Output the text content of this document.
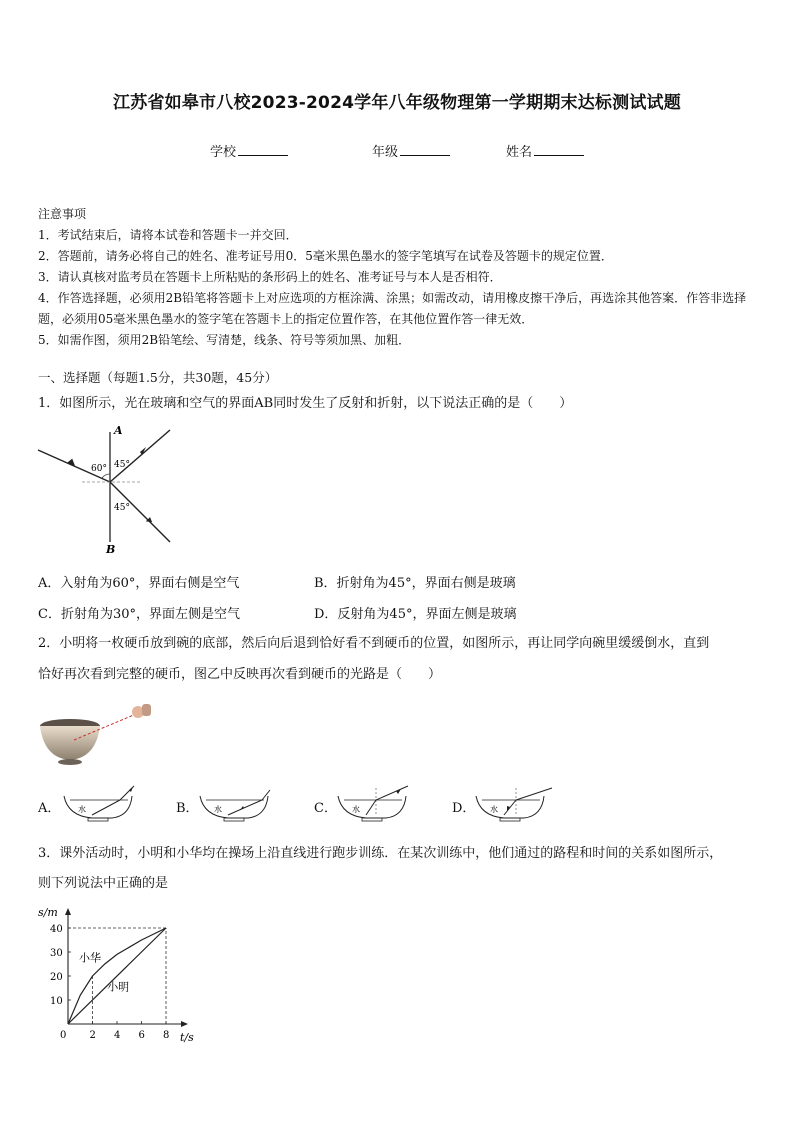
江苏省如皋市八校2023-2024学年八年级物理第一学期期末达标测试试题
学校	年级	姓名

注意事项

1．考试结束后，请将本试卷和答题卡一并交回．

2．答题前，请务必将自己的姓名、准考证号用0．5毫米黑色墨水的签字笔填写在试卷及答题卡的规定位置．

3．请认真核对监考员在答题卡上所粘贴的条形码上的姓名、准考证号与本人是否相符．

4．作答选择题，必须用2B铅笔将答题卡上对应选项的方框涂满、涂黑；如需改动，请用橡皮擦干净后，再选涂其他答案．作答非选择题，必须用05毫米黑色墨水的签字笔在答题卡上的指定位置作答，在其他位置作答一律无效．

5．如需作图，须用2B铅笔绘、写清楚，线条、符号等须加黑、加粗．

一、选择题（每题1.5分，共30题，45分）
1．如图所示，光在玻璃和空气的界面AB同时发生了反射和折射，以下说法正确的是（　　）
A
B
60° 45°
45°
A．入射角为60°，界面右侧是空气	B．折射角为45°，界面右侧是玻璃
C．折射角为30°，界面左侧是空气	D．反射角为45°，界面左侧是玻璃
2．小明将一枚硬币放到碗的底部，然后向后退到恰好看不到硬币的位置，如图所示，再让同学向碗里缓缓倒水，直到
恰好再次看到完整的硬币，图乙中反映再次看到硬币的光路是（　　）
A． 水	B． 水	C． 水	D． 水
3．课外活动时，小明和小华均在操场上沿直线进行跑步训练．在某次训练中，他们通过的路程和时间的关系如图所示，
则下列说法中正确的是
s/m
t/s
0 2 4 6 8
10
20
30
40
小华
小明
